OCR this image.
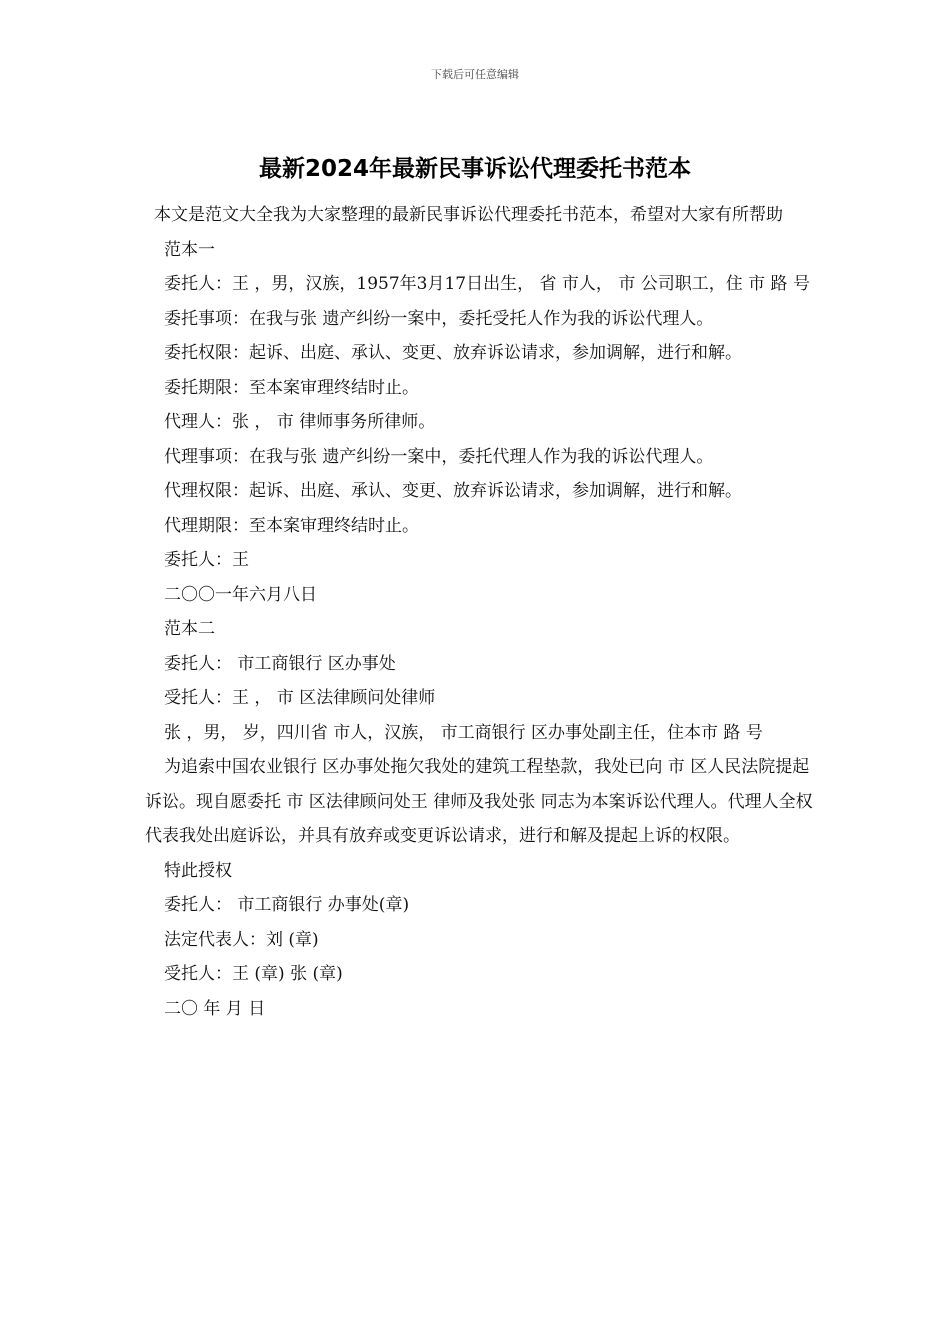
下载后可任意编辑
最新2024年最新民事诉讼代理委托书范本

本文是范文大全我为大家整理的最新民事诉讼代理委托书范本，希望对大家有所帮助

范本一

委托人：王 ，男，汉族，1957年3月17日出生， 省 市人， 市 公司职工，住 市 路 号

委托事项：在我与张 遗产纠纷一案中，委托受托人作为我的诉讼代理人。

委托权限：起诉、出庭、承认、变更、放弃诉讼请求，参加调解，进行和解。

委托期限：至本案审理终结时止。

代理人：张 ， 市 律师事务所律师。

代理事项：在我与张 遗产纠纷一案中，委托代理人作为我的诉讼代理人。

代理权限：起诉、出庭、承认、变更、放弃诉讼请求，参加调解，进行和解。

代理期限：至本案审理终结时止。

委托人：王

二〇〇一年六月八日

范本二

委托人： 市工商银行 区办事处

受托人：王 ， 市 区法律顾问处律师

张 ，男， 岁，四川省 市人，汉族， 市工商银行 区办事处副主任，住本市 路 号

为追索中国农业银行 区办事处拖欠我处的建筑工程垫款，我处已向 市 区人民法院提起诉讼。现自愿委托 市 区法律顾问处王 律师及我处张 同志为本案诉讼代理人。代理人全权代表我处出庭诉讼，并具有放弃或变更诉讼请求，进行和解及提起上诉的权限。

特此授权

委托人： 市工商银行 办事处(章)

法定代表人：刘 (章)

受托人：王 (章) 张 (章)

二〇 年 月 日
